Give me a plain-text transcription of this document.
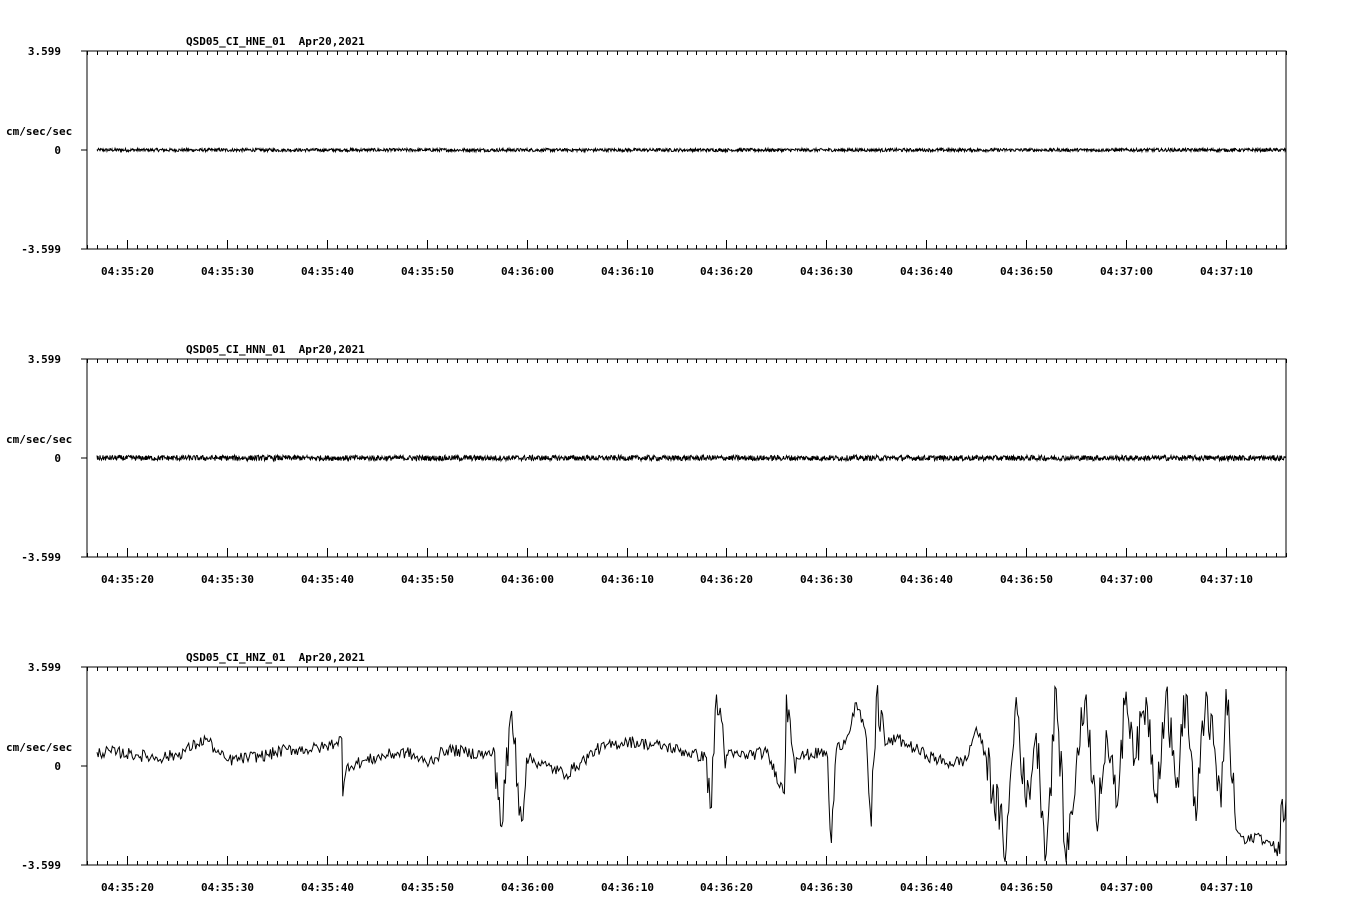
QSD05_CI_HNE_01  Apr20,2021
3.599
0
-3.599
cm/sec/sec
04:35:20	04:35:30	04:35:40	04:35:50	04:36:00	04:36:10	04:36:20	04:36:30	04:36:40	04:36:50	04:37:00	04:37:10
QSD05_CI_HNN_01  Apr20,2021
3.599
0
-3.599
cm/sec/sec
04:35:20	04:35:30	04:35:40	04:35:50	04:36:00	04:36:10	04:36:20	04:36:30	04:36:40	04:36:50	04:37:00	04:37:10
QSD05_CI_HNZ_01  Apr20,2021
3.599
0
-3.599
cm/sec/sec
04:35:20	04:35:30	04:35:40	04:35:50	04:36:00	04:36:10	04:36:20	04:36:30	04:36:40	04:36:50	04:37:00	04:37:10
